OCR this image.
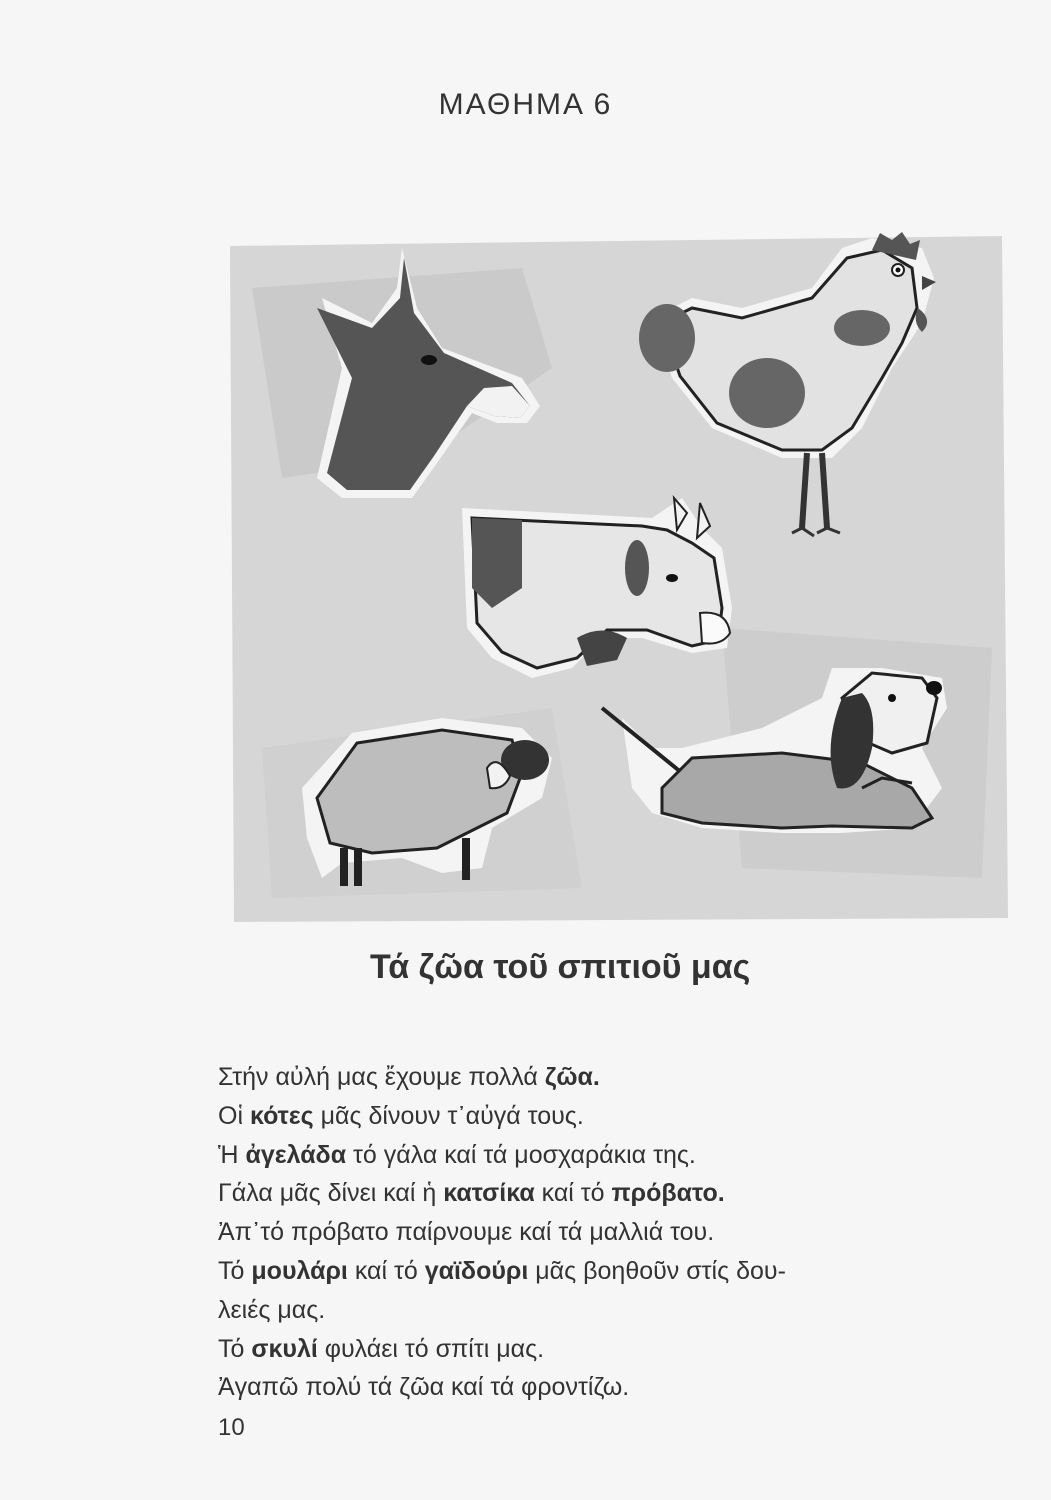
ΜΑΘΗΜΑ 6
Τά ζῶα τοῦ σπιτιοῦ μας
Στήν αὐλή μας ἔχουμε πολλά ζῶα.
Οἱ κότες μᾶς δίνουν τ᾽αὐγά τους.
Ἡ ἀγελάδα τό γάλα καί τά μοσχαράκια της.
Γάλα μᾶς δίνει καί ἡ κατσίκα καί τό πρόβατο.
Ἀπ᾽τό πρόβατο παίρνουμε καί τά μαλλιά του.
Τό μουλάρι καί τό γαϊδούρι μᾶς βοηθοῦν στίς δου-
λειές μας.
Τό σκυλί φυλάει τό σπίτι μας.
Ἀγαπῶ πολύ τά ζῶα καί τά φροντίζω.
10
